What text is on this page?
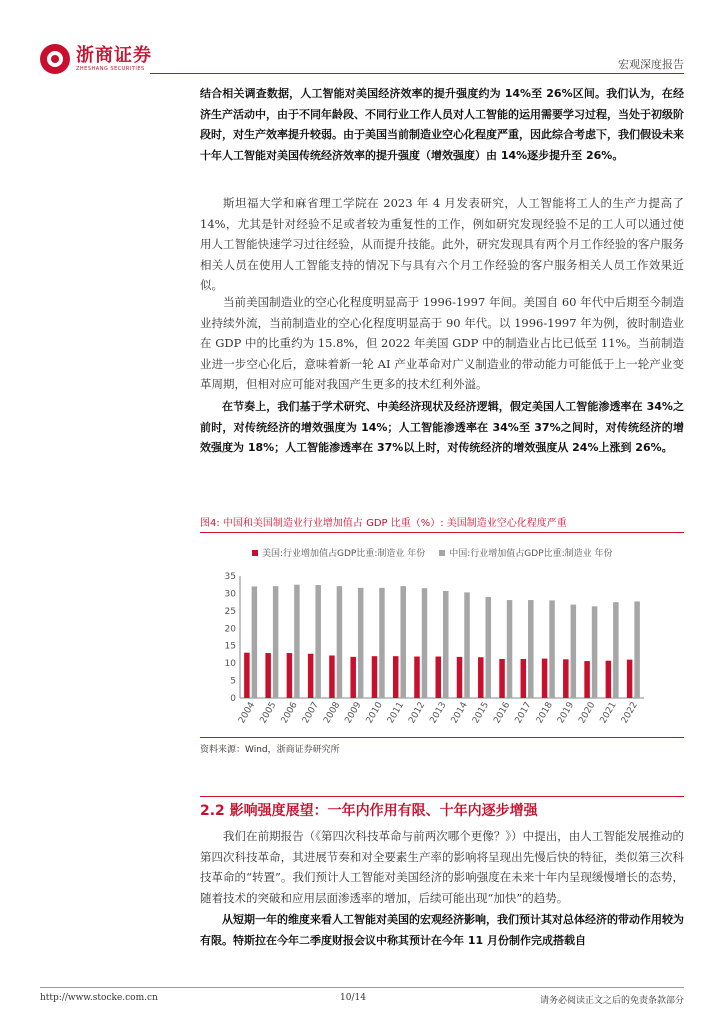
浙商证券
ZHESHANG SECURITIES	宏观深度报告
结合相关调查数据，人工智能对美国经济效率的提升强度约为 14%至 26%区间。我们认为，在经济生产活动中，由于不同年龄段、不同行业工作人员对人工智能的运用需要学习过程，当处于初级阶段时，对生产效率提升较弱。由于美国当前制造业空心化程度严重，因此综合考虑下，我们假设未来十年人工智能对美国传统经济效率的提升强度（增效强度）由 14%逐步提升至 26%。
斯坦福大学和麻省理工学院在 2023 年 4 月发表研究，人工智能将工人的生产力提高了 14%，尤其是针对经验不足或者较为重复性的工作，例如研究发现经验不足的工人可以通过使用人工智能快速学习过往经验，从而提升技能。此外，研究发现具有两个月工作经验的客户服务相关人员在使用人工智能支持的情况下与具有六个月工作经验的客户服务相关人员工作效果近似。
当前美国制造业的空心化程度明显高于 1996-1997 年间。美国自 60 年代中后期至今制造业持续外流，当前制造业的空心化程度明显高于 90 年代。以 1996-1997 年为例，彼时制造业在 GDP 中的比重约为 15.8%，但 2022 年美国 GDP 中的制造业占比已低至 11%。当前制造业进一步空心化后，意味着新一轮 AI 产业革命对广义制造业的带动能力可能低于上一轮产业变革周期，但相对应可能对我国产生更多的技术红利外溢。
在节奏上，我们基于学术研究、中美经济现状及经济逻辑，假定美国人工智能渗透率在 34%之前时，对传统经济的增效强度为 14%；人工智能渗透率在 34%至 37%之间时，对传统经济的增效强度为 18%；人工智能渗透率在 37%以上时，对传统经济的增效强度从 24%上涨到 26%。
图4: 中国和美国制造业行业增加值占 GDP 比重（%）: 美国制造业空心化程度严重
美国:行业增加值占GDP比重:制造业 年份	中国:行业增加值占GDP比重:制造业 年份
0
5
10
15
20
25
30
35
2004 2005 2006 2007 2008 2009 2010 2011 2012 2013 2014 2015 2016 2017 2018 2019 2020 2021 2022
资料来源：Wind，浙商证券研究所
2.2 影响强度展望：一年内作用有限、十年内逐步增强
我们在前期报告（《第四次科技革命与前两次哪个更像？》）中提出，由人工智能发展推动的第四次科技革命，其进展节奏和对全要素生产率的影响将呈现出先慢后快的特征，类似第三次科技革命的“转置”。我们预计人工智能对美国经济的影响强度在未来十年内呈现缓慢增长的态势，随着技术的突破和应用层面渗透率的增加，后续可能出现“加快”的趋势。
从短期一年的维度来看人工智能对美国的宏观经济影响，我们预计其对总体经济的带动作用较为有限。特斯拉在今年二季度财报会议中称其预计在今年 11 月份制作完成搭载自
http://www.stocke.com.cn	10/14	请务必阅读正文之后的免责条款部分
